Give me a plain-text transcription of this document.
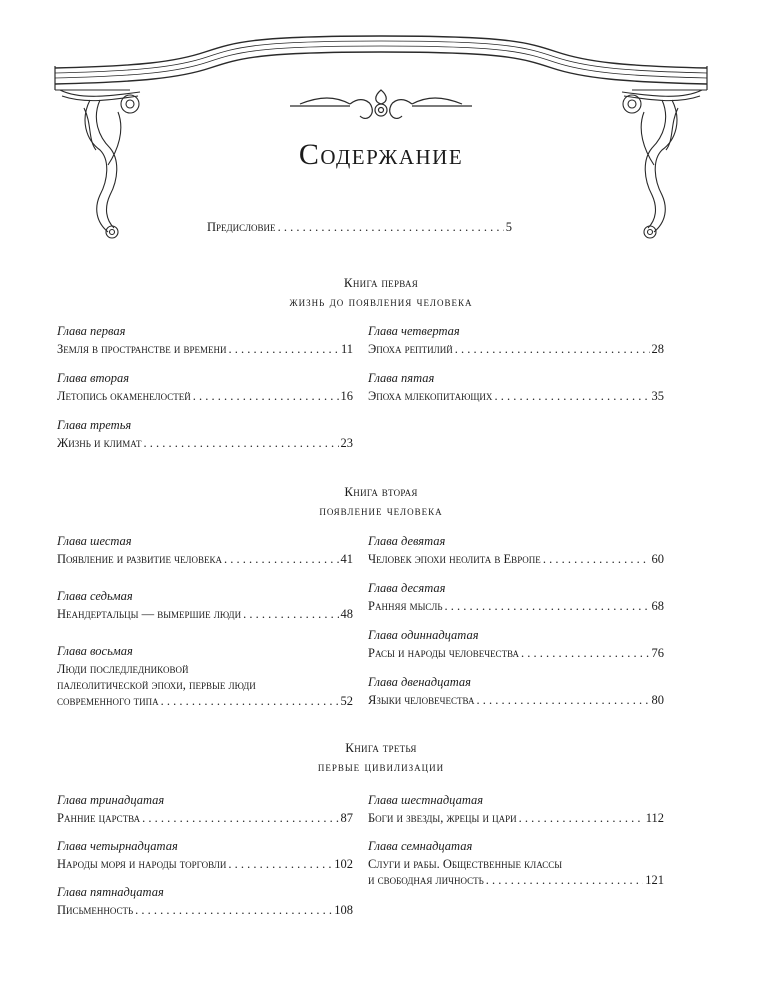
Содержание
Предисловие . . .	5
Книга первая
жизнь до появления человека
Глава первая
Земля в пространстве и времени . . .	11
Глава вторая
Летопись окаменелостей . . .	16
Глава третья
Жизнь и климат . . .	23
Глава четвертая
Эпоха рептилий . . .	28
Глава пятая
Эпоха млекопитающих . . .	35
Книга вторая
появление человека
Глава шестая
Появление и развитие человека . . .	41
Глава седьмая
Неандертальцы — вымершие люди . . .	48
Глава восьмая
Люди последледниковой
палеолитической эпохи, первые люди
современного типа . . .	52
Глава девятая
Человек эпохи неолита в Европе . . .	60
Глава десятая
Ранняя мысль . . .	68
Глава одиннадцатая
Расы и народы человечества . . .	76
Глава двенадцатая
Языки человечества . . .	80
Книга третья
первые цивилизации
Глава тринадцатая
Ранние царства . . .	87
Глава четырнадцатая
Народы моря и народы торговли . . .	102
Глава пятнадцатая
Письменность . . .	108
Глава шестнадцатая
Боги и звезды, жрецы и цари . . .	112
Глава семнадцатая
Слуги и рабы. Общественные классы
и свободная личность . . .	121
